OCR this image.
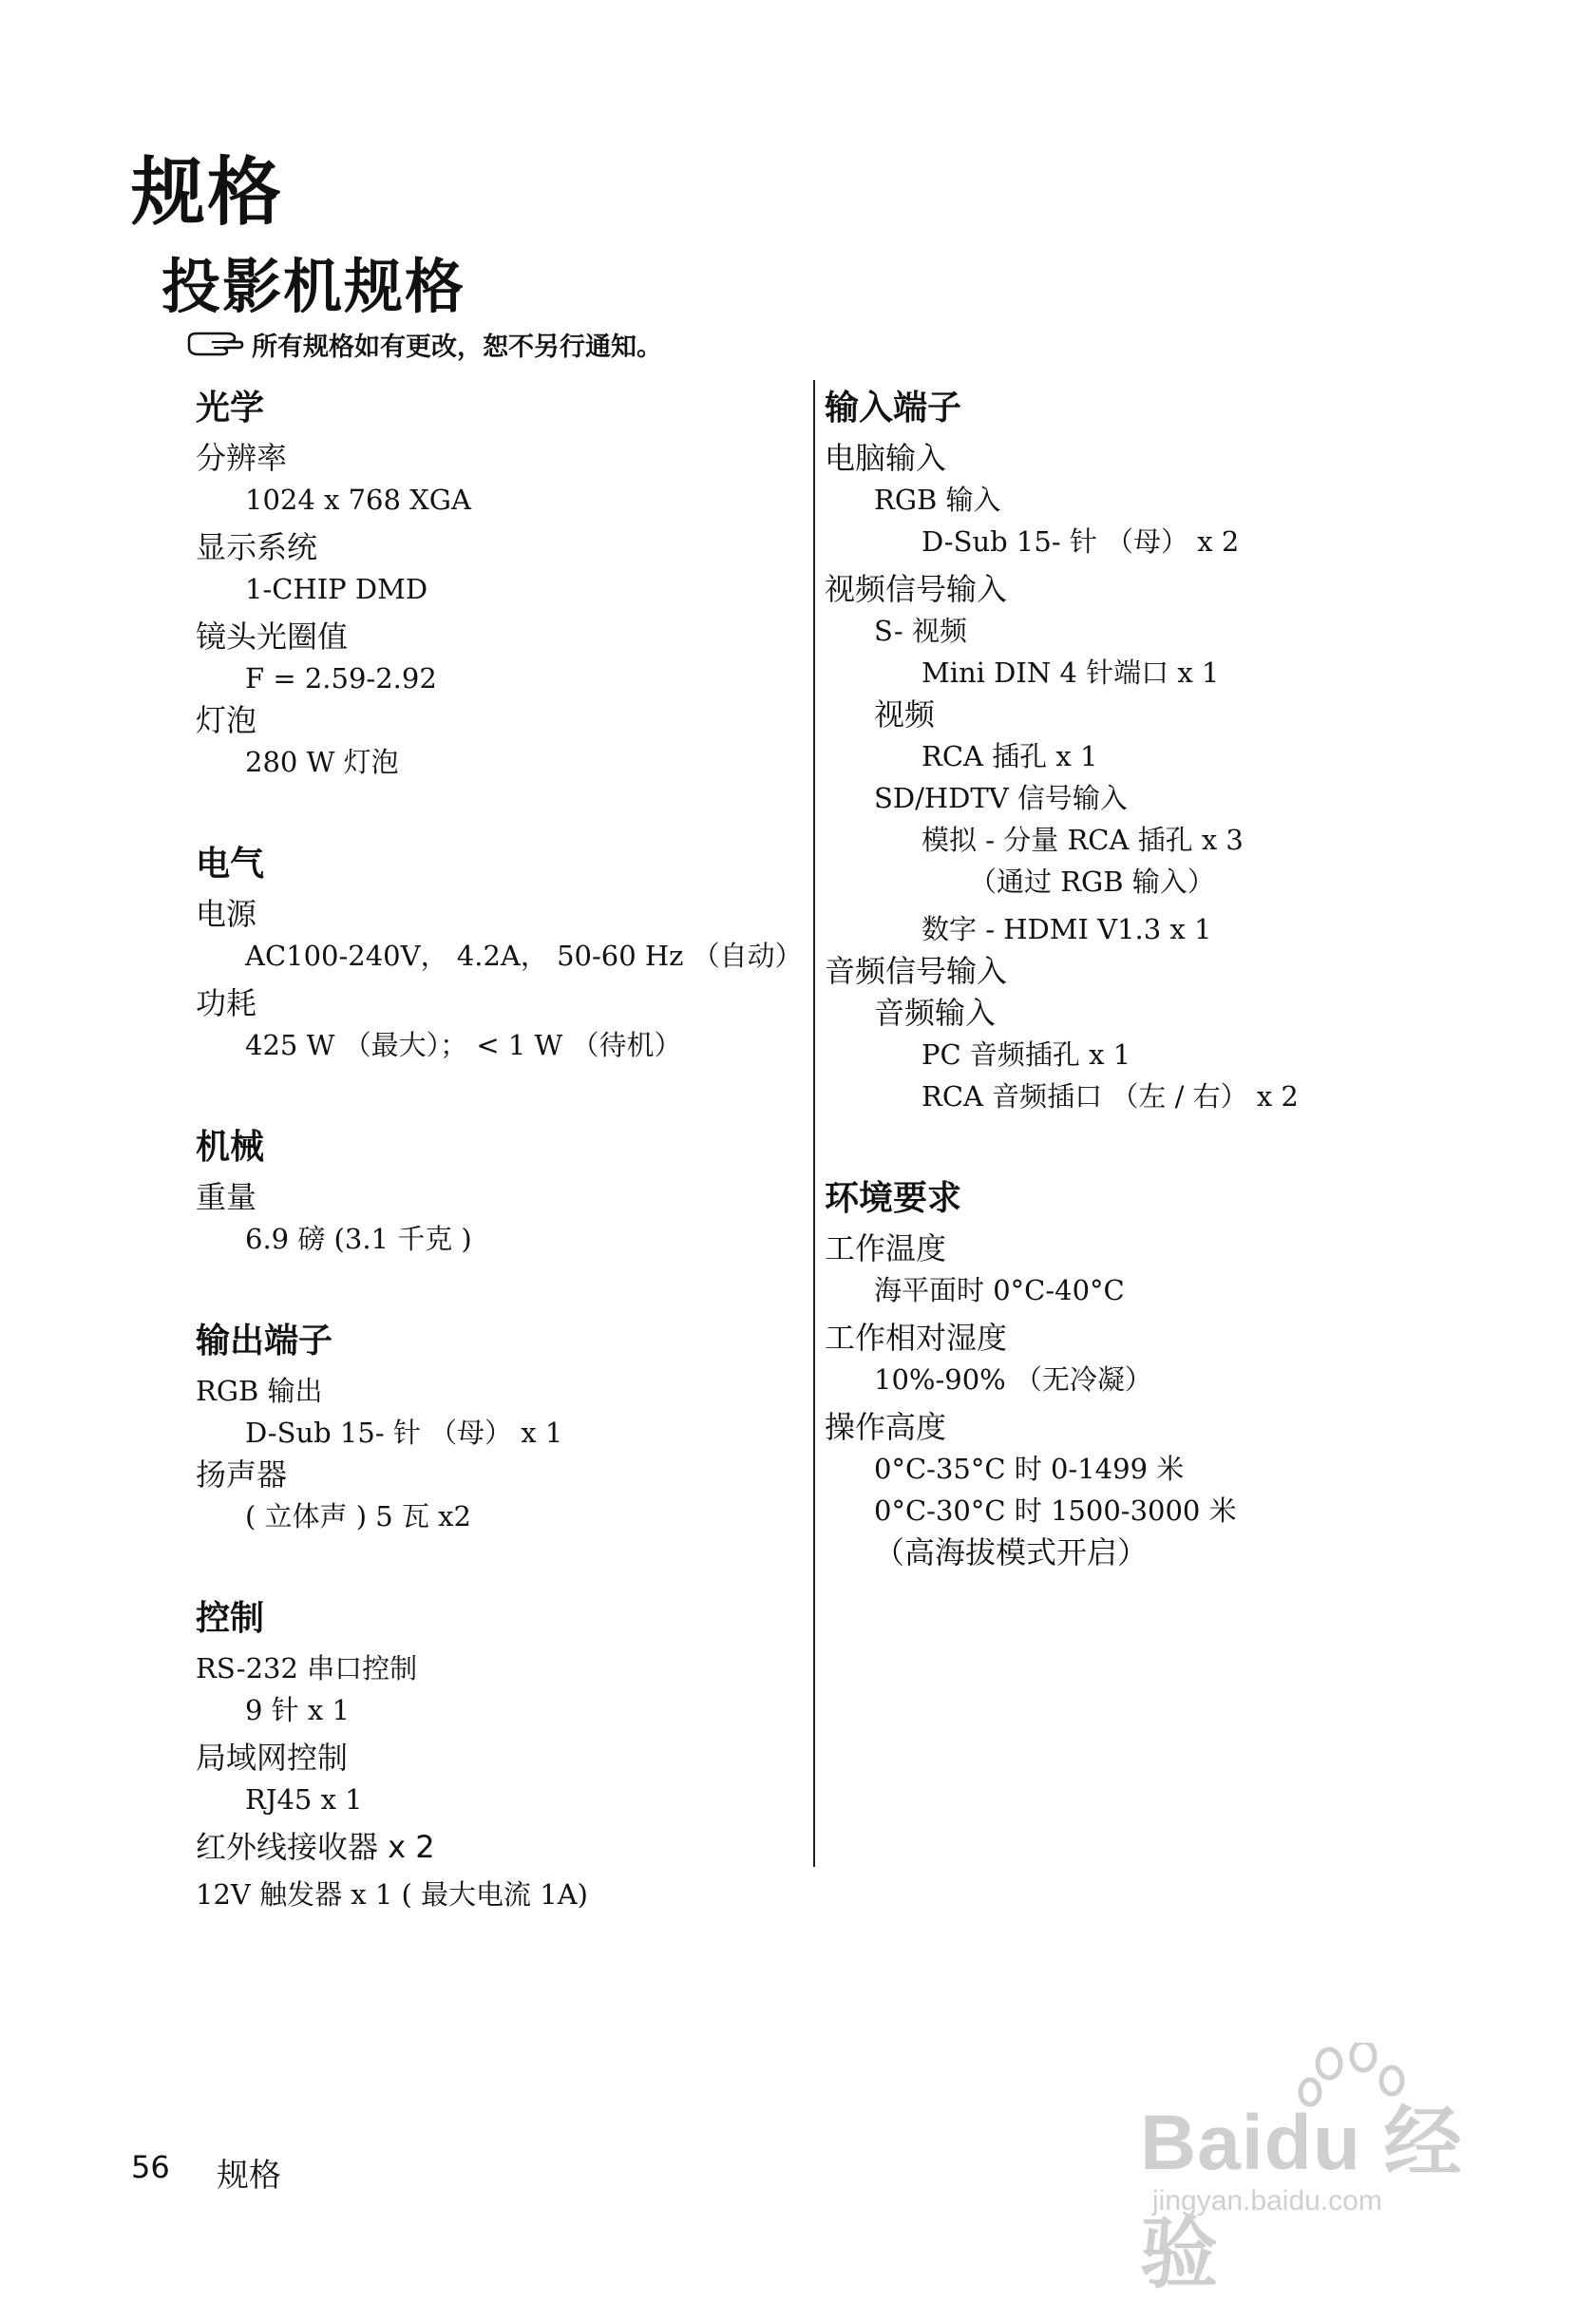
规格
投影机规格
所有规格如有更改，恕不另行通知。
光学
分辨率
1024 x 768 XGA
显示系统
1-CHIP DMD
镜头光圈值
F = 2.59-2.92
灯泡
280 W 灯泡
电气
电源
AC100-240V， 4.2A， 50-60 Hz （自动）
功耗
425 W （最大）； < 1 W （待机）
机械
重量
6.9 磅 (3.1 千克 )
输出端子
RGB 输出
D-Sub 15- 针 （母） x 1
扬声器
( 立体声 ) 5 瓦 x2
控制
RS-232 串口控制
9 针 x 1
局域网控制
RJ45 x 1
红外线接收器 x 2
12V 触发器 x 1 ( 最大电流 1A)
输入端子
电脑输入
RGB 输入
D-Sub 15- 针 （母） x 2
视频信号输入
S- 视频
Mini DIN 4 针端口 x 1
视频
RCA 插孔 x 1
SD/HDTV 信号输入
模拟 - 分量 RCA 插孔 x 3
（通过 RGB 输入）
数字 - HDMI V1.3 x 1
音频信号输入
音频输入
PC 音频插孔 x 1
RCA 音频插口 （左 / 右） x 2
环境要求
工作温度
海平面时 0°C-40°C
工作相对湿度
10%-90% （无冷凝）
操作高度
0°C-35°C 时 0-1499 米
0°C-30°C 时 1500-3000 米
（高海拔模式开启）
56 规格	Baidu 经验
jingyan.baidu.com
